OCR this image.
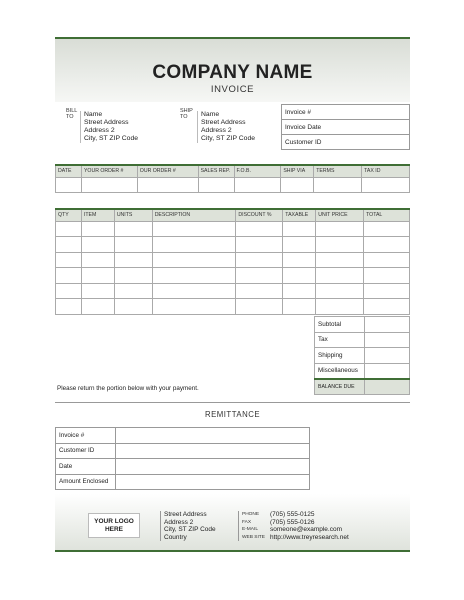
COMPANY NAME
INVOICE
BILL
TO	Name
Street Address
Address 2
City, ST ZIP Code
SHIP
TO	Name
Street Address
Address 2
City, ST ZIP Code
Invoice #
Invoice Date
Customer ID
DATE	YOUR ORDER #	OUR ORDER #	SALES REP.	F.O.B.	SHIP VIA	TERMS	TAX ID

QTY	ITEM	UNITS	DESCRIPTION	DISCOUNT %	TAXABLE	UNIT PRICE	TOTAL

Subtotal	
Tax	
Shipping	
Miscellaneous	
BALANCE DUE	
Please return the portion below with your payment.
REMITTANCE
Invoice #	
Customer ID	
Date	
Amount Enclosed	
YOUR LOGO
HERE
Street Address
Address 2
City, ST ZIP Code
Country
PHONE	(705) 555-0125
FAX	(705) 555-0126
E-MAIL	someone@example.com
WEB SITE http://www.treyresearch.net
